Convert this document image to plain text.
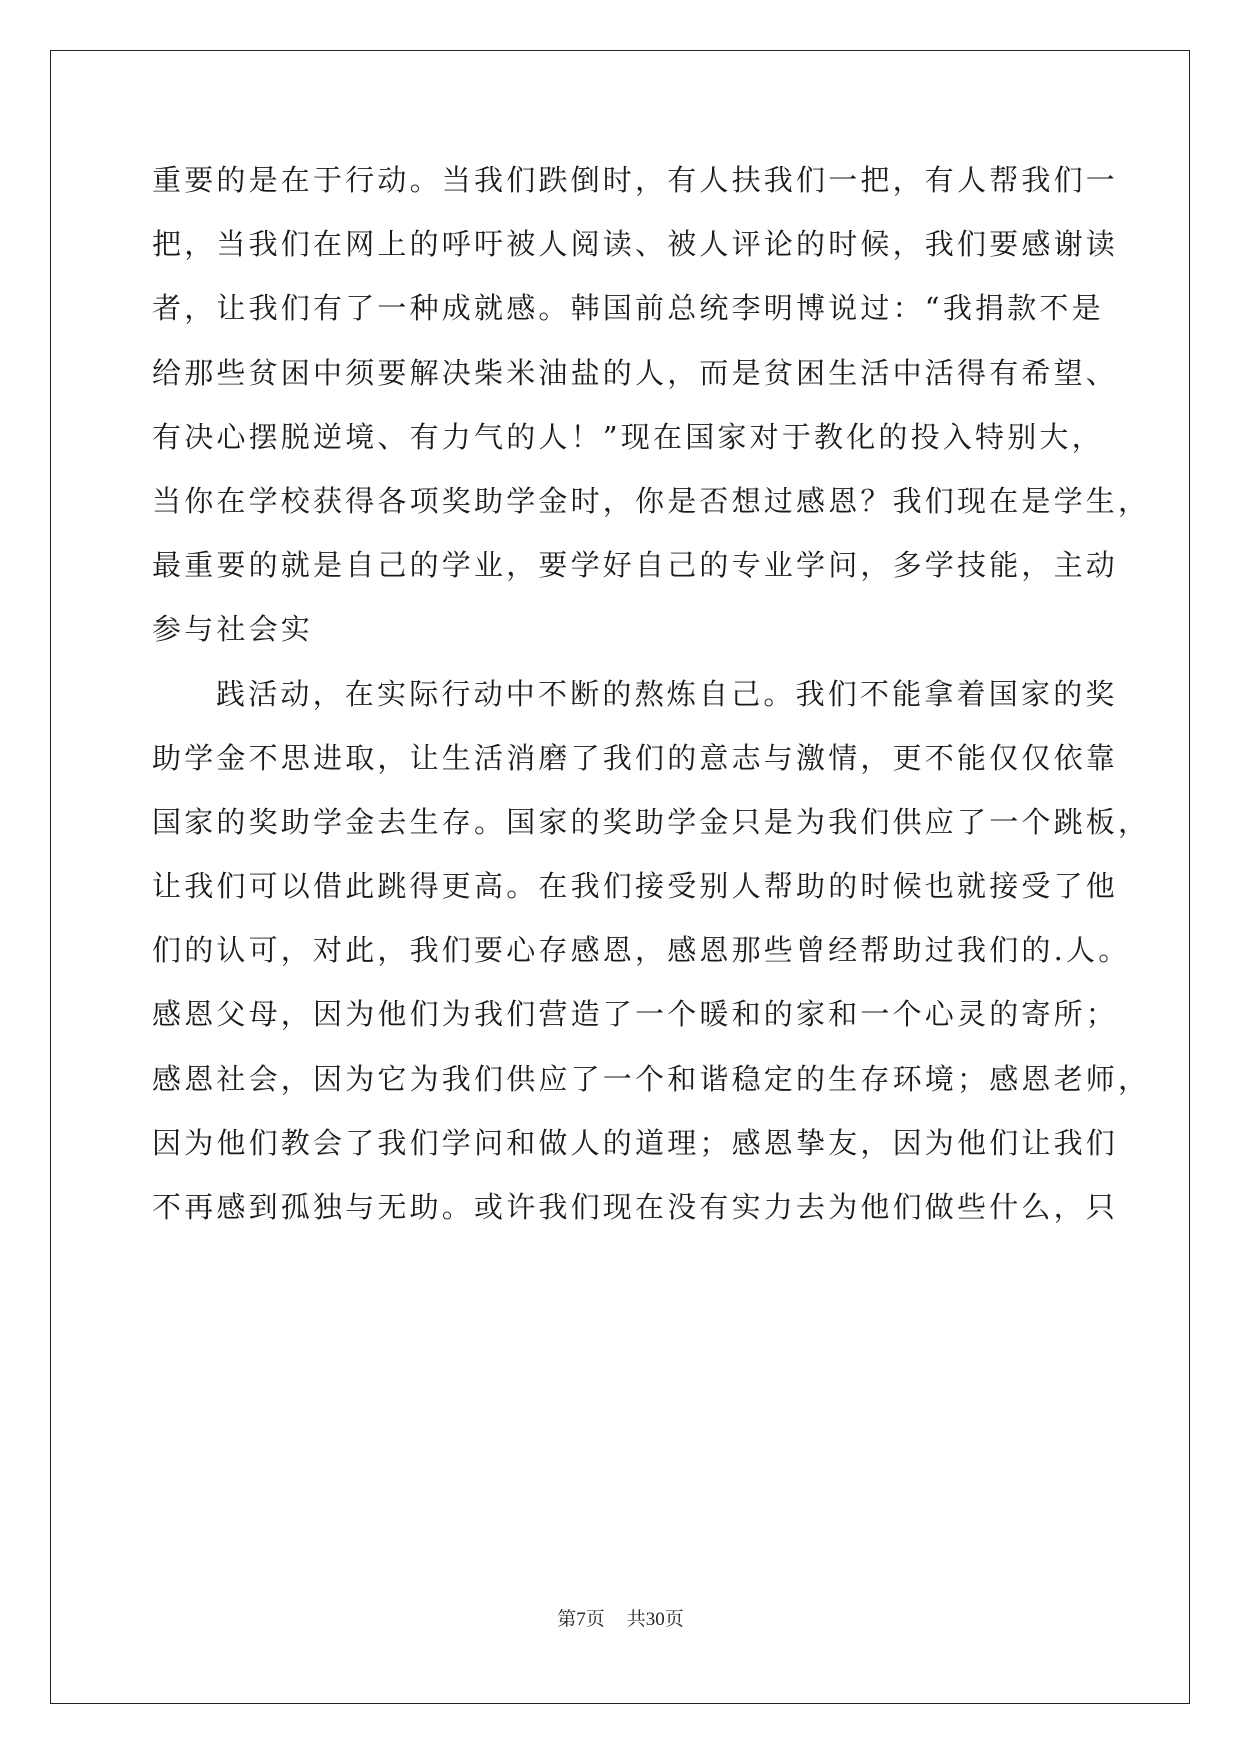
重要的是在于行动。当我们跌倒时，有人扶我们一把，有人帮我们一
把，当我们在网上的呼吁被人阅读、被人评论的时候，我们要感谢读
者，让我们有了一种成就感。韩国前总统李明博说过：“我捐款不是
给那些贫困中须要解决柴米油盐的人，而是贫困生活中活得有希望、
有决心摆脱逆境、有力气的人！”现在国家对于教化的投入特别大，
当你在学校获得各项奖助学金时，你是否想过感恩？我们现在是学生，
最重要的就是自己的学业，要学好自己的专业学问，多学技能，主动
参与社会实
践活动，在实际行动中不断的熬炼自己。我们不能拿着国家的奖
助学金不思进取，让生活消磨了我们的意志与激情，更不能仅仅依靠
国家的奖助学金去生存。国家的奖助学金只是为我们供应了一个跳板，
让我们可以借此跳得更高。在我们接受别人帮助的时候也就接受了他
们的认可，对此，我们要心存感恩，感恩那些曾经帮助过我们的.人。
感恩父母，因为他们为我们营造了一个暖和的家和一个心灵的寄所；
感恩社会，因为它为我们供应了一个和谐稳定的生存环境；感恩老师，
因为他们教会了我们学问和做人的道理；感恩挚友，因为他们让我们
不再感到孤独与无助。或许我们现在没有实力去为他们做些什么，只
第7页 共30页
